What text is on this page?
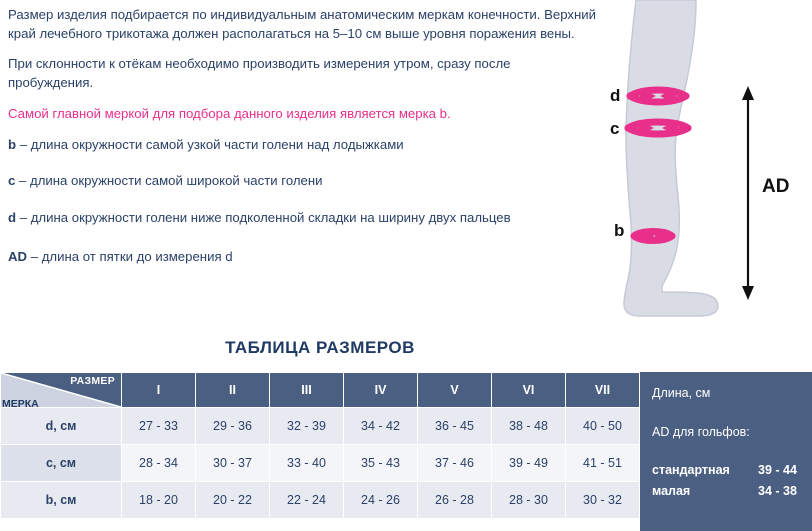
Размер изделия подбирается по индивидуальным анатомическим меркам конечности. Верхний край лечебного трикотажа должен располагаться на 5–10 см выше уровня поражения вены.

При склонности к отёкам необходимо производить измерения утром, сразу после пробуждения.

Самой главной меркой для подбора данного изделия является мерка b.

b – длина окружности самой узкой части голени над лодыжками

c – длина окружности самой широкой части голени

d – длина окружности голени ниже подколенной складки на ширину двух пальцев

AD – длина от пятки до измерения d

d
c
b
AD
ТАБЛИЦА РАЗМЕРОВ
РАЗМЕР	I	II	III	IV	V	VI	VII
d, см	27 - 33	29 - 36	32 - 39	34 - 42	36 - 45	38 - 48	40 - 50
c, см	28 - 34	30 - 37	33 - 40	35 - 43	37 - 46	39 - 49	41 - 51
b, см	18 - 20	20 - 22	22 - 24	24 - 26	26 - 28	28 - 30	30 - 32
МЕРКА
Длина, см
AD для гольфов:
стандартная 39 - 44
малая	34 - 38
